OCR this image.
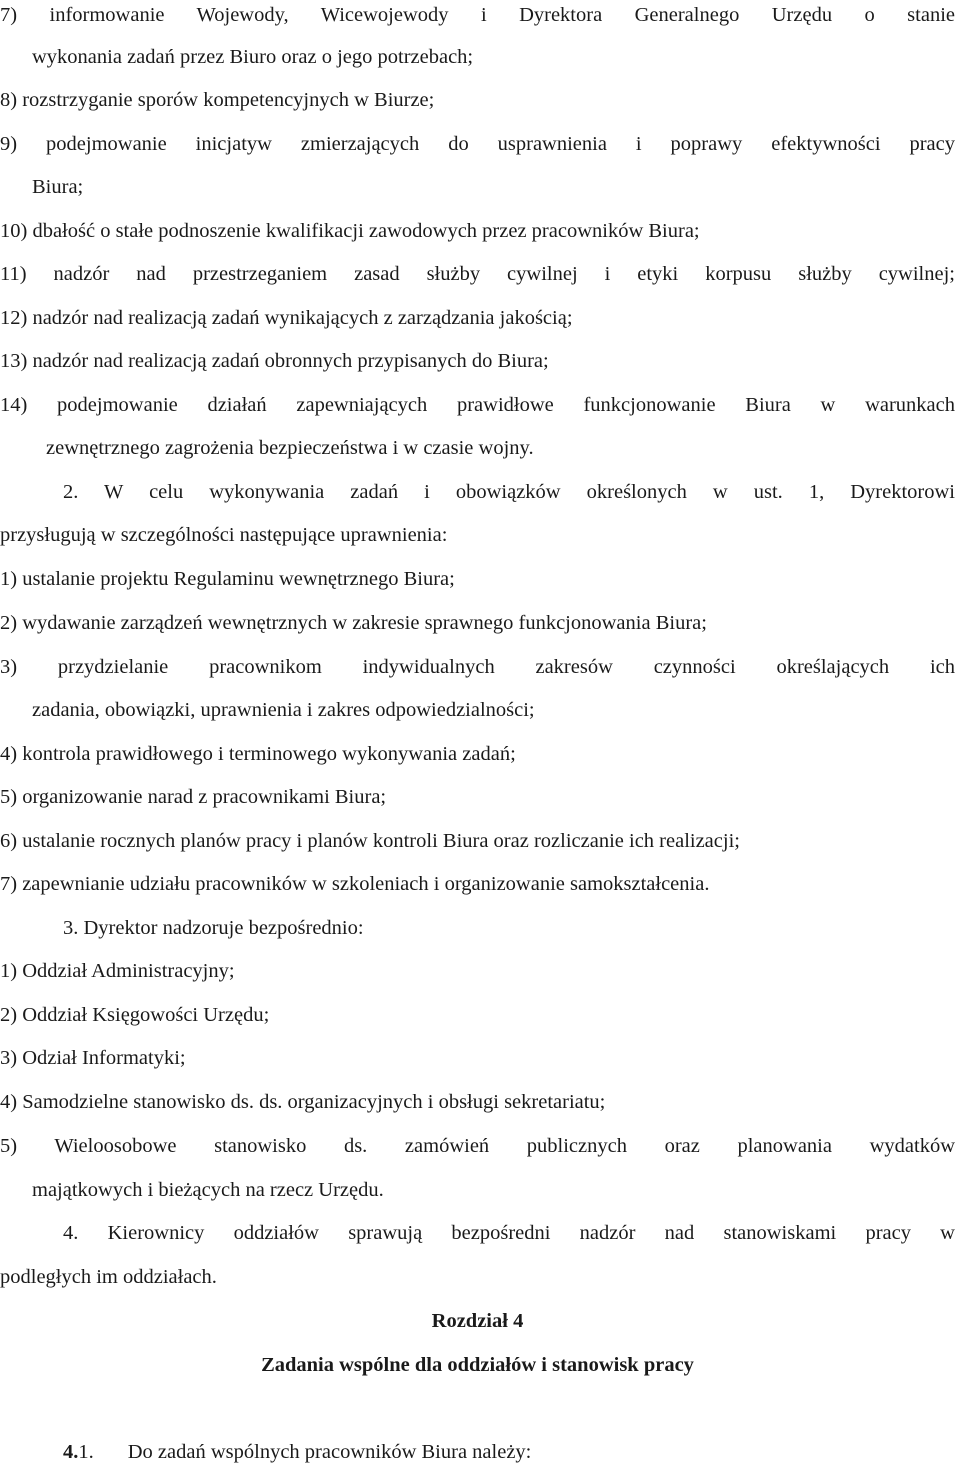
7) informowanie Wojewody, Wicewojewody i Dyrektora Generalnego Urzędu o stanie
wykonania zadań przez Biuro oraz o jego potrzebach;
8) rozstrzyganie sporów kompetencyjnych w Biurze;
9) podejmowanie inicjatyw zmierzających do usprawnienia i poprawy efektywności pracy
Biura;
10) dbałość o stałe podnoszenie kwalifikacji zawodowych przez pracowników Biura;
11) nadzór nad przestrzeganiem zasad służby cywilnej i etyki korpusu służby cywilnej;
12) nadzór nad realizacją zadań wynikających z zarządzania jakością;
13) nadzór nad realizacją zadań obronnych przypisanych do Biura;
14) podejmowanie działań zapewniających prawidłowe funkcjonowanie Biura w warunkach
zewnętrznego zagrożenia bezpieczeństwa i w czasie wojny.
2. W celu wykonywania zadań i obowiązków określonych w ust. 1, Dyrektorowi
przysługują w szczególności następujące uprawnienia:
1) ustalanie projektu Regulaminu wewnętrznego Biura;
2) wydawanie zarządzeń wewnętrznych w zakresie sprawnego funkcjonowania Biura;
3) przydzielanie pracownikom indywidualnych zakresów czynności określających ich
zadania, obowiązki, uprawnienia i zakres odpowiedzialności;
4) kontrola prawidłowego i terminowego wykonywania zadań;
5) organizowanie narad z pracownikami Biura;
6) ustalanie rocznych planów pracy i planów kontroli Biura oraz rozliczanie ich realizacji;
7) zapewnianie udziału pracowników w szkoleniach i organizowanie samokształcenia.
3. Dyrektor nadzoruje bezpośrednio:
1) Oddział Administracyjny;
2) Oddział Księgowości Urzędu;
3) Odział Informatyki;
4) Samodzielne stanowisko ds. ds. organizacyjnych i obsługi sekretariatu;
5) Wieloosobowe stanowisko ds. zamówień publicznych oraz planowania wydatków
majątkowych i bieżących na rzecz Urzędu.
4. Kierownicy oddziałów sprawują bezpośredni nadzór nad stanowiskami pracy w
podległych im oddziałach.
Rozdział 4
Zadania wspólne dla oddziałów i stanowisk pracy
4.1. Do zadań wspólnych pracowników Biura należy:
